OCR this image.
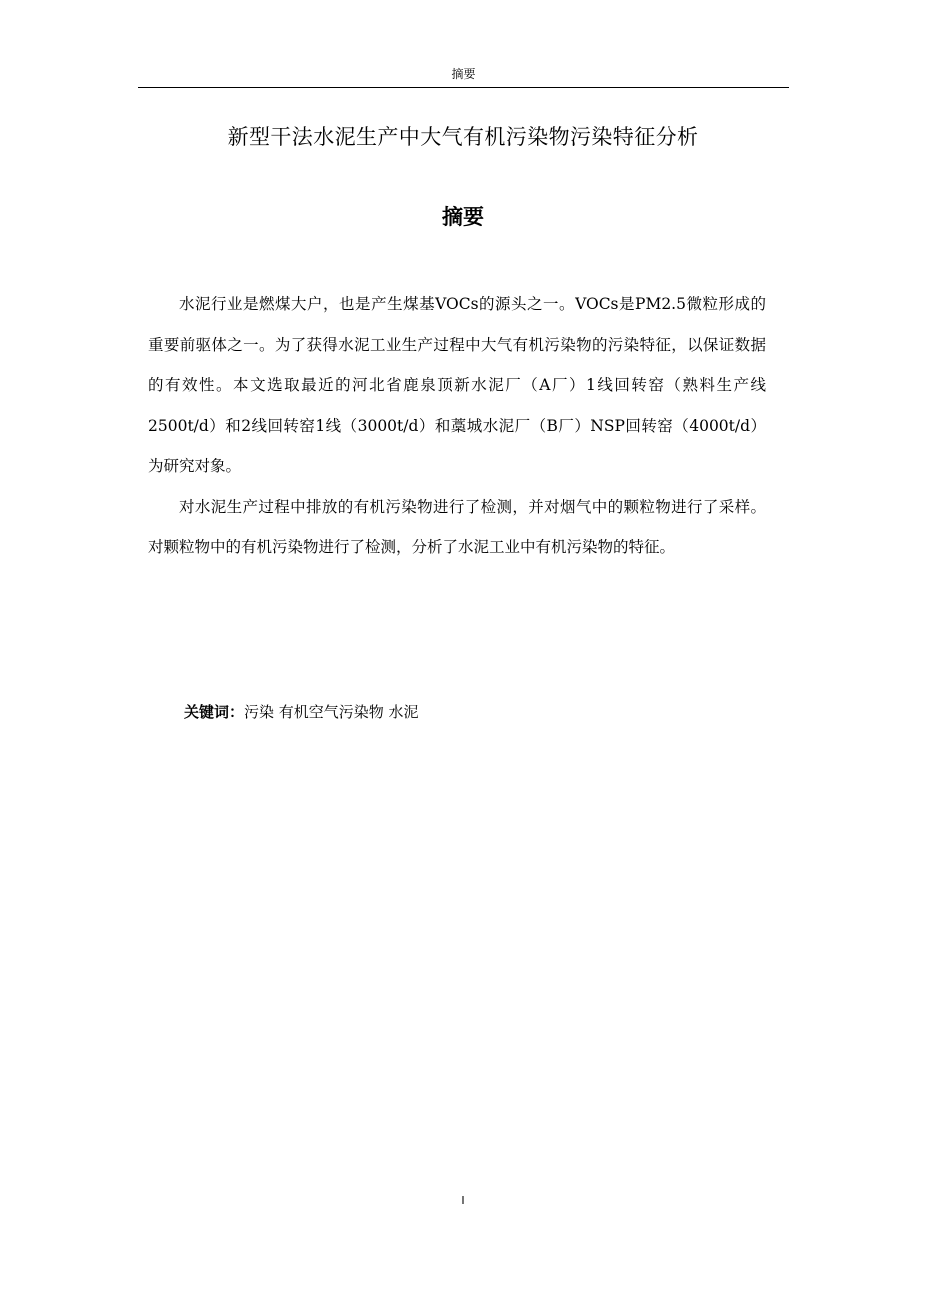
摘要
新型干法水泥生产中大气有机污染物污染特征分析
摘要

水泥行业是燃煤大户，也是产生煤基VOCs的源头之一。VOCs是PM2.5微粒形成的重要前驱体之一。为了获得水泥工业生产过程中大气有机污染物的污染特征，以保证数据的有效性。本文选取最近的河北省鹿泉顶新水泥厂（A厂）1线回转窑（熟料生产线2500t/d）和2线回转窑1线（3000t/d）和藁城水泥厂（B厂）NSP回转窑（4000t/d）为研究对象。

对水泥生产过程中排放的有机污染物进行了检测，并对烟气中的颗粒物进行了采样。对颗粒物中的有机污染物进行了检测，分析了水泥工业中有机污染物的特征。

关键词：污染 有机空气污染物 水泥
I
